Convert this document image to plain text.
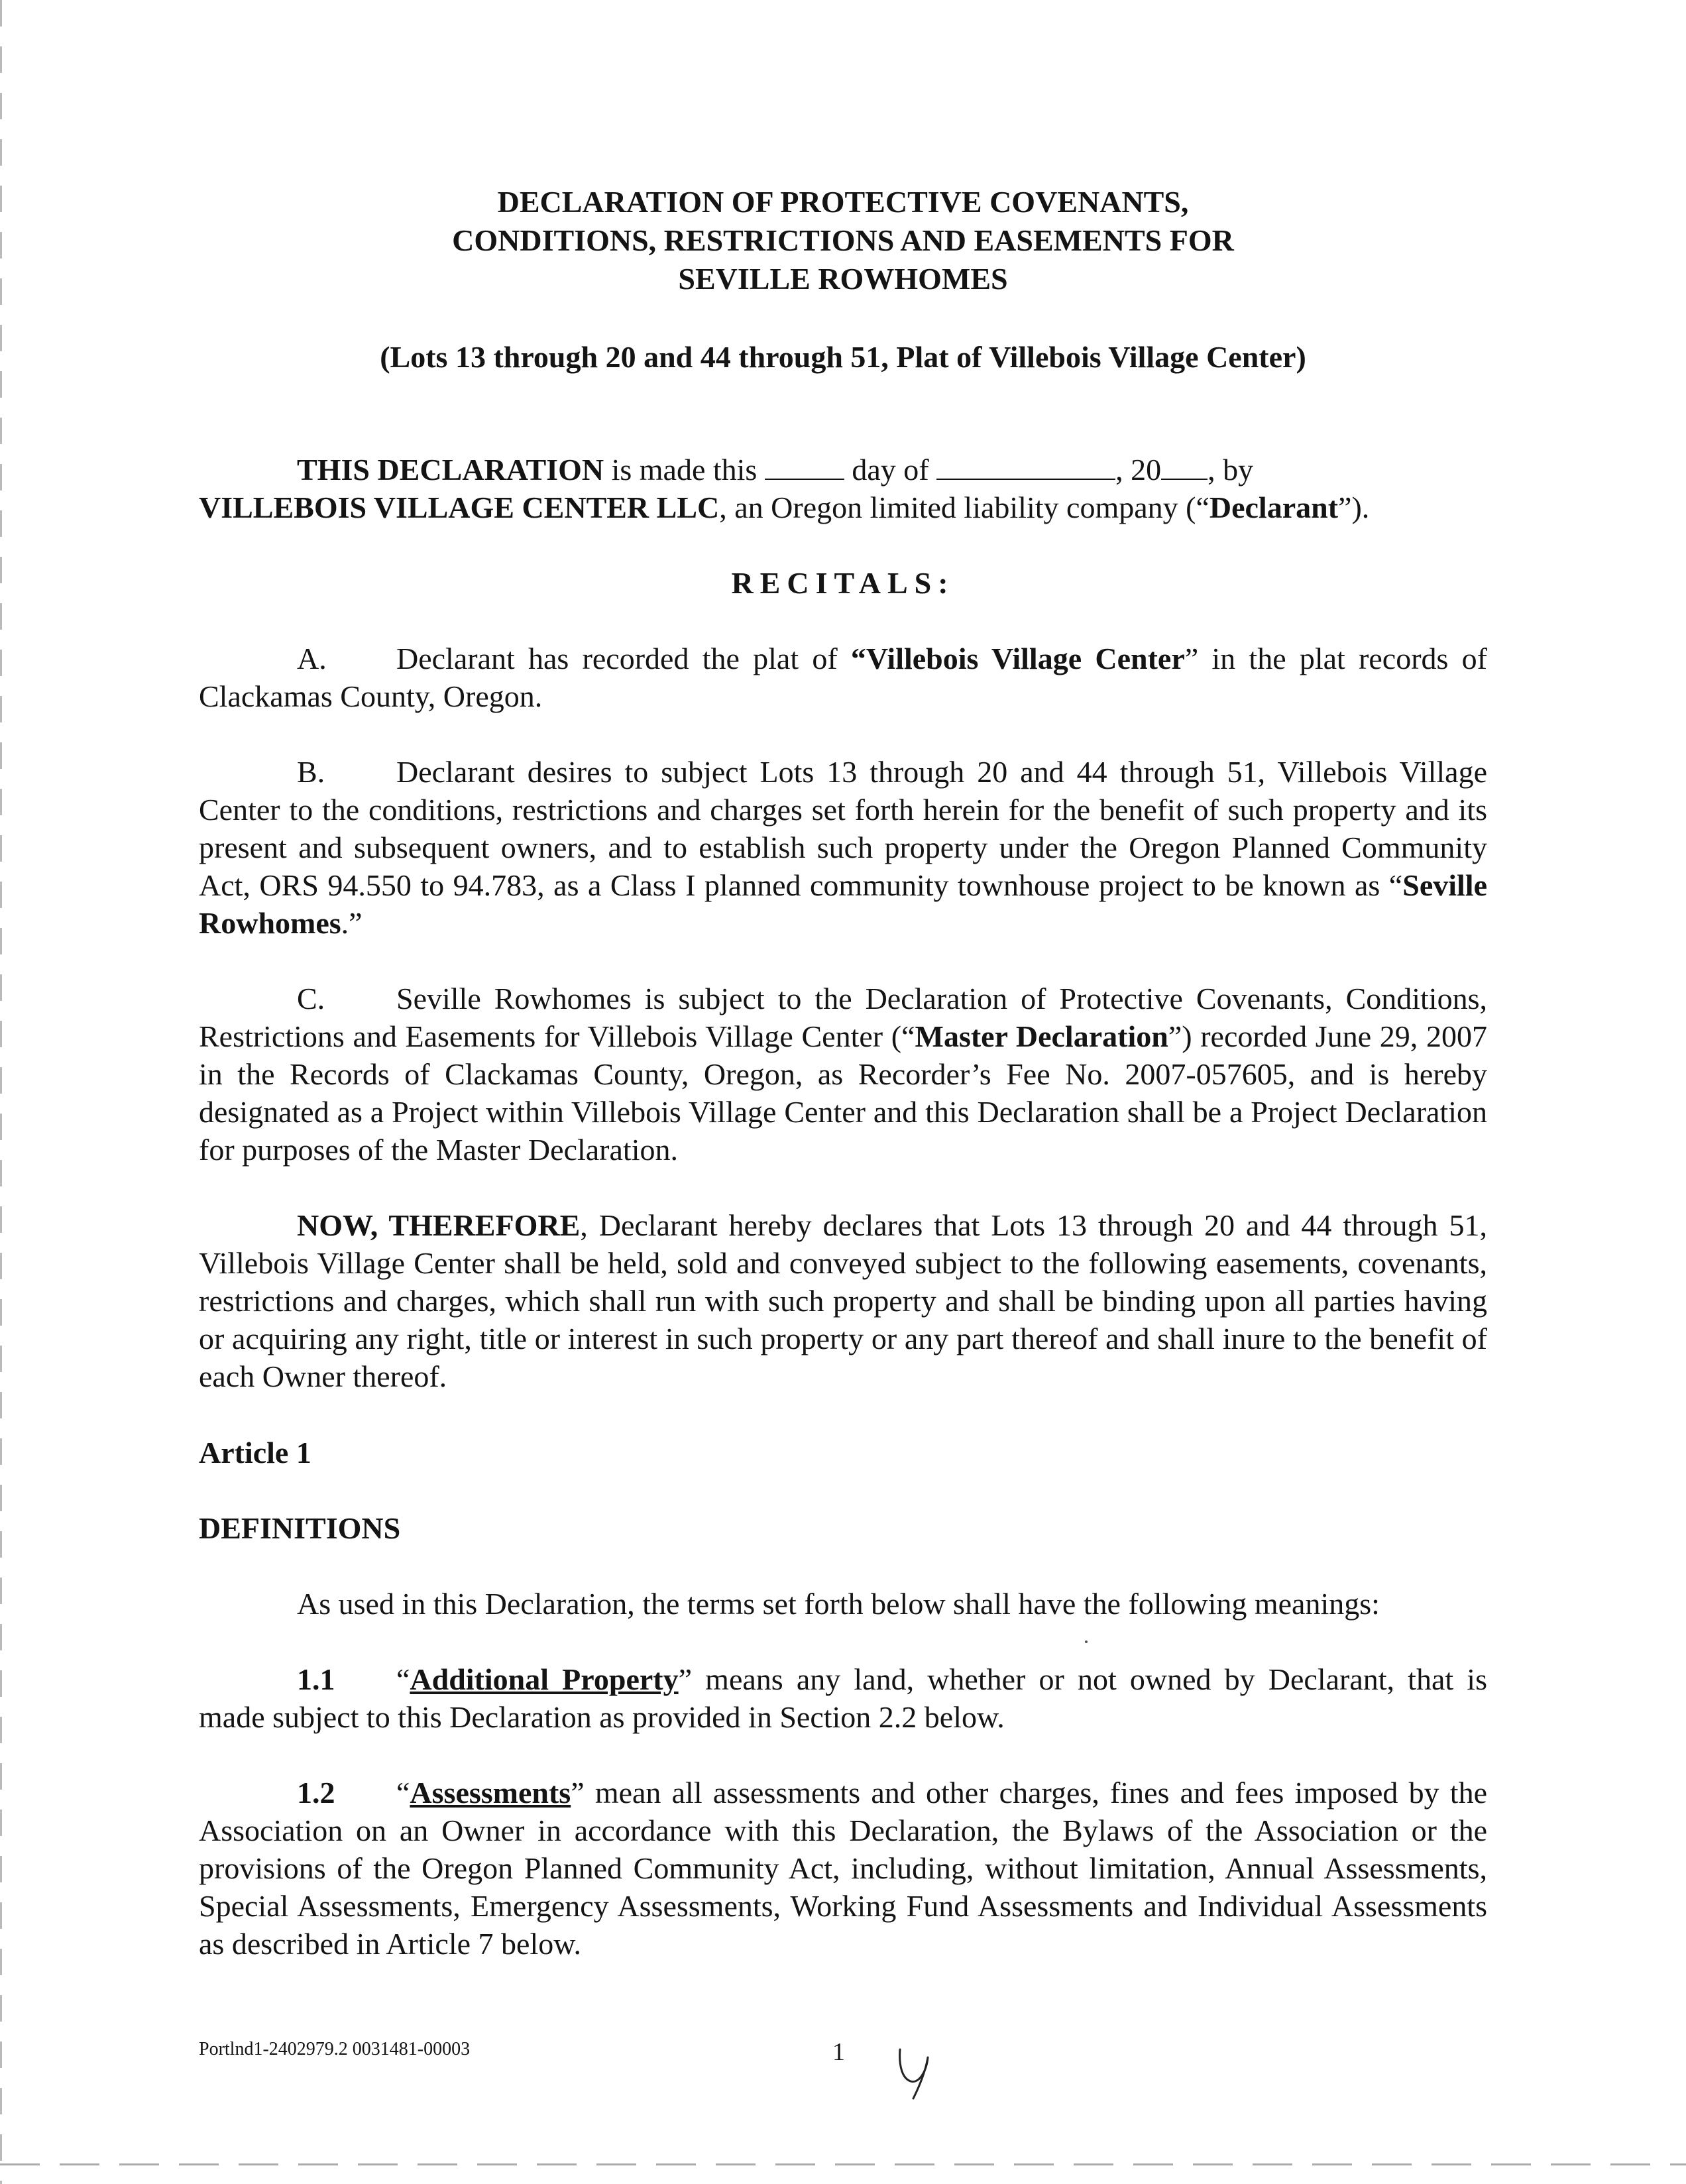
DECLARATION OF PROTECTIVE COVENANTS,
CONDITIONS, RESTRICTIONS AND EASEMENTS FOR
SEVILLE ROWHOMES
(Lots 13 through 20 and 44 through 51, Plat of Villebois Village Center)
THIS DECLARATION is made this	day of	, 20 , by
VILLEBOIS VILLAGE CENTER LLC, an Oregon limited liability company (“Declarant”).
RECITALS:
A. Declarant has recorded the plat of “Villebois Village Center” in the plat records of Clackamas County, Oregon.
B. Declarant desires to subject Lots 13 through 20 and 44 through 51, Villebois Village Center to the conditions, restrictions and charges set forth herein for the benefit of such property and its present and subsequent owners, and to establish such property under the Oregon Planned Community Act, ORS 94.550 to 94.783, as a Class I planned community townhouse project to be known as “Seville Rowhomes.”
C. Seville Rowhomes is subject to the Declaration of Protective Covenants, Conditions, Restrictions and Easements for Villebois Village Center (“Master Declaration”) recorded June 29, 2007 in the Records of Clackamas County, Oregon, as Recorder’s Fee No. 2007-057605, and is hereby designated as a Project within Villebois Village Center and this Declaration shall be a Project Declaration for purposes of the Master Declaration.
NOW, THEREFORE, Declarant hereby declares that Lots 13 through 20 and 44 through 51, Villebois Village Center shall be held, sold and conveyed subject to the following easements, covenants, restrictions and charges, which shall run with such property and shall be binding upon all parties having or acquiring any right, title or interest in such property or any part thereof and shall inure to the benefit of each Owner thereof.
Article 1
DEFINITIONS
As used in this Declaration, the terms set forth below shall have the following meanings:
1.1 “Additional Property” means any land, whether or not owned by Declarant, that is made subject to this Declaration as provided in Section 2.2 below.
1.2 “Assessments” mean all assessments and other charges, fines and fees imposed by the Association on an Owner in accordance with this Declaration, the Bylaws of the Association or the provisions of the Oregon Planned Community Act, including, without limitation, Annual Assessments, Special Assessments, Emergency Assessments, Working Fund Assessments and Individual Assessments as described in Article 7 below.
Portlnd1-2402979.2 0031481-00003	1
